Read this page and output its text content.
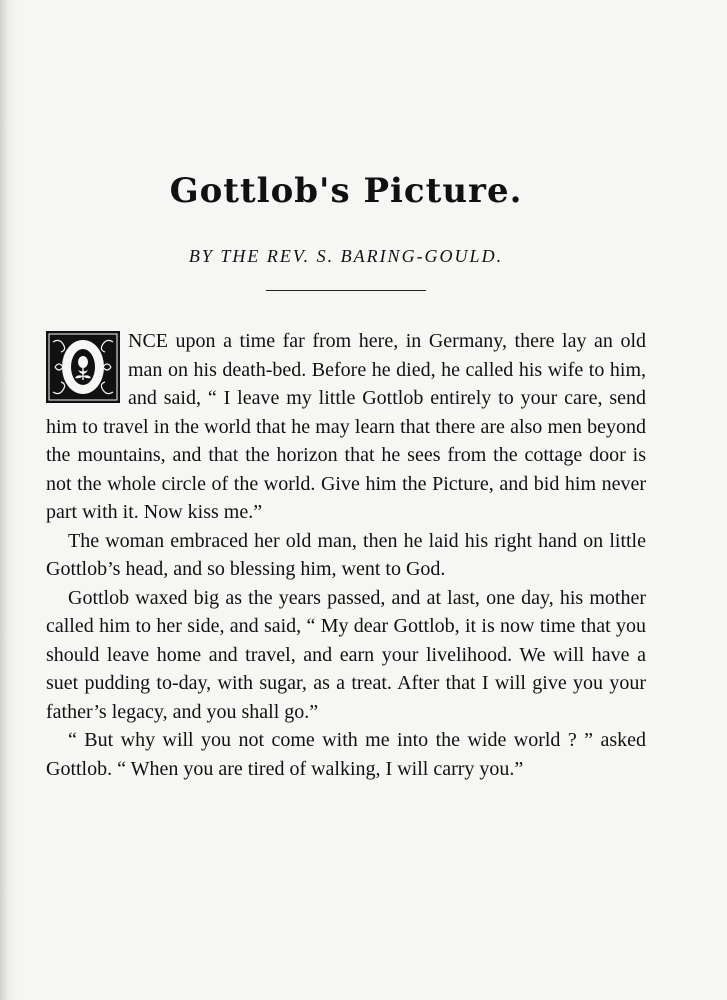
Gottlob's Picture.
BY THE REV. S. BARING-GOULD.

NCE upon a time far from here, in Germany, there lay an old man on his death-bed. Before he died, he called his wife to him, and said, “ I leave my little Gottlob entirely to your care, send him to travel in the world that he may learn that there are also men beyond the mountains, and that the horizon that he sees from the cottage door is not the whole circle of the world. Give him the Picture, and bid him never part with it. Now kiss me.”

The woman embraced her old man, then he laid his right hand on little Gottlob’s head, and so blessing him, went to God.

Gottlob waxed big as the years passed, and at last, one day, his mother called him to her side, and said, “ My dear Gottlob, it is now time that you should leave home and travel, and earn your livelihood. We will have a suet pudding to-day, with sugar, as a treat. After that I will give you your father’s legacy, and you shall go.”

“ But why will you not come with me into the wide world ? ” asked Gottlob. “ When you are tired of walking, I will carry you.”
